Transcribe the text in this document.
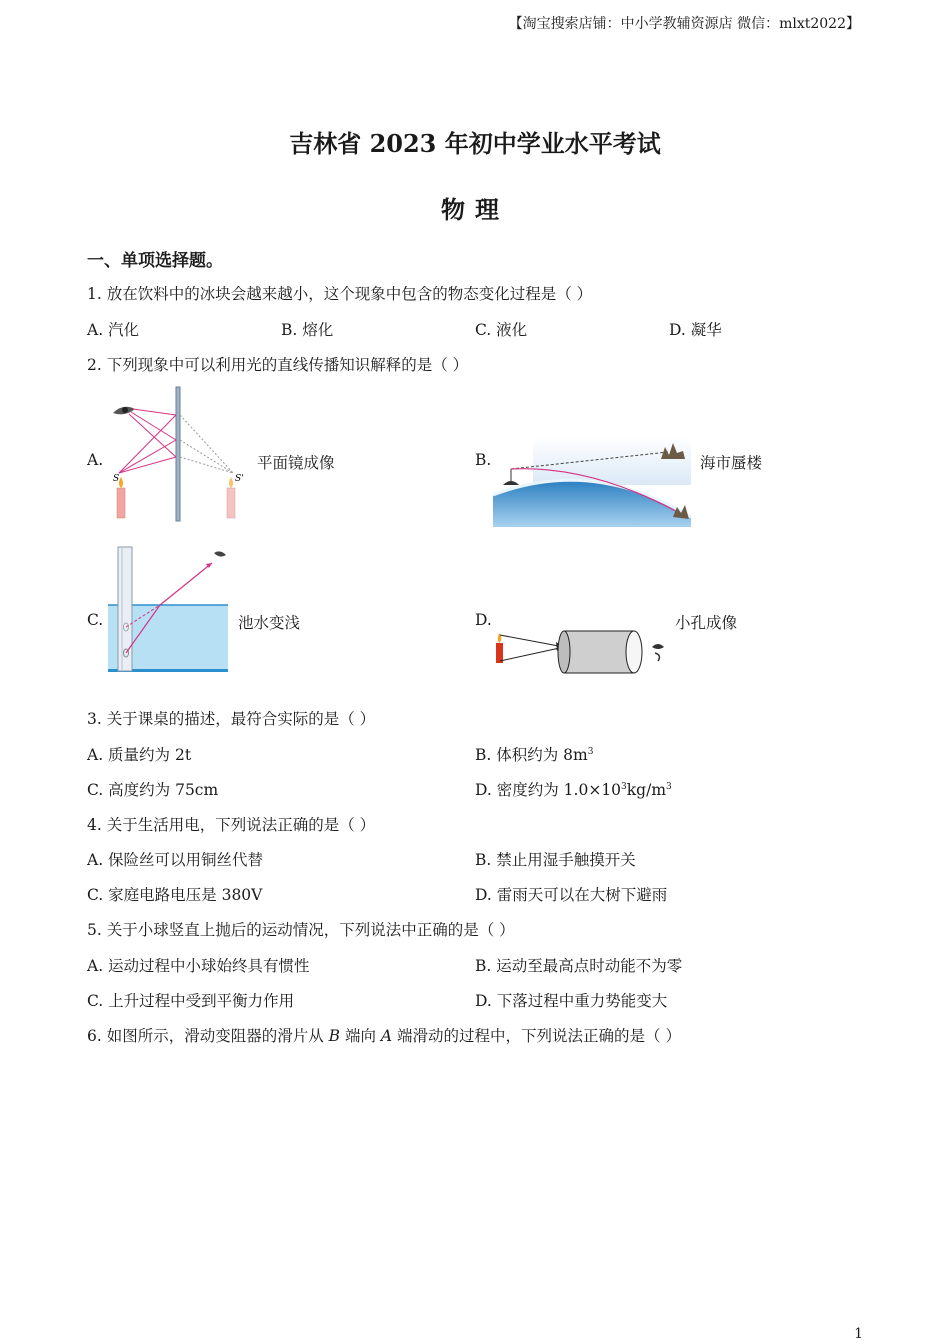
【淘宝搜索店铺：中小学教辅资源店 微信：mlxt2022】
吉林省 2023 年初中学业水平考试
物理
一、单项选择题。
1. 放在饮料中的冰块会越来越小，这个现象中包含的物态变化过程是（ ）
A. 汽化	B. 熔化	C. 液化	D. 凝华
2. 下列现象中可以利用光的直线传播知识解释的是（ ）
A.
S	S'
平面镜成像	B.	海市蜃楼
C.	池水变浅	D.	小孔成像
3. 关于课桌的描述，最符合实际的是（ ）
A. 质量约为 2t	B. 体积约为 $8m^3$
C. 高度约为 75cm	D. 密度约为 $1.0\times 10^3kg/m^3$
4. 关于生活用电，下列说法正确的是（ ）
A. 保险丝可以用铜丝代替	B. 禁止用湿手触摸开关
C. 家庭电路电压是 380V	D. 雷雨天可以在大树下避雨
5. 关于小球竖直上抛后的运动情况，下列说法中正确的是（ ）
A. 运动过程中小球始终具有惯性	B. 运动至最高点时动能不为零
C. 上升过程中受到平衡力作用	D. 下落过程中重力势能变大
6. 如图所示，滑动变阻器的滑片从 B 端向 A 端滑动的过程中，下列说法正确的是（ ）
1
